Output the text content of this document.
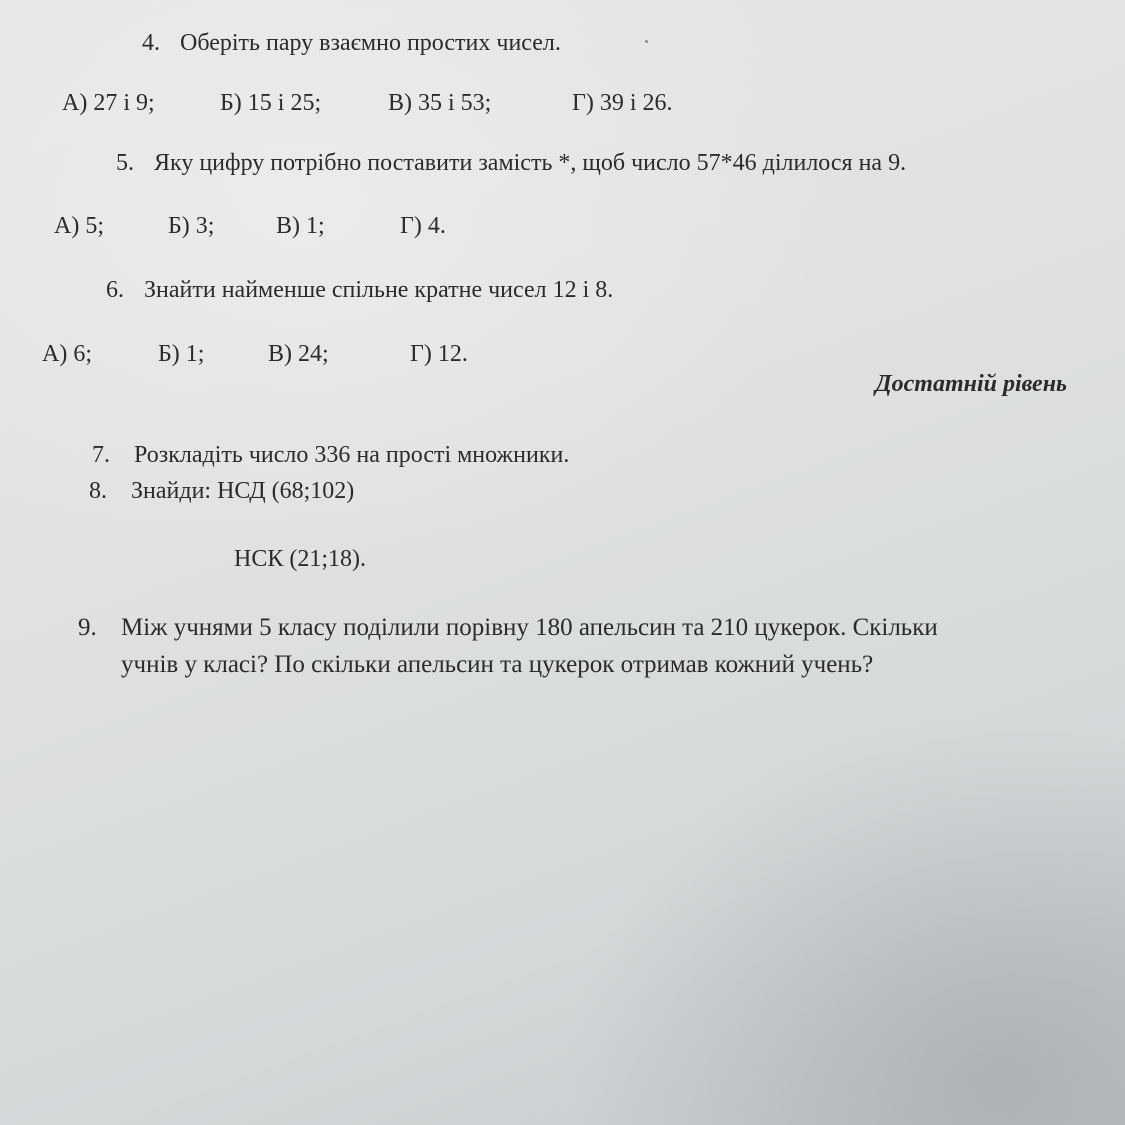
4. Оберіть пару взаємно простих чисел.
А) 27 і 9;	Б) 15 і 25;	В) 35 і 53;	Г) 39 і 26.
5. Яку цифру потрібно поставити замість *, щоб число 57*46 ділилося на 9.
А) 5;	Б) 3;	В) 1;	Г) 4.
6. Знайти найменше спільне кратне чисел 12 і 8.
А) 6;	Б) 1;	В) 24;	Г) 12.
Достатній рівень
7. Розкладіть число 336 на прості множники.
8. Знайди: НСД (68;102)
НСК (21;18).
9. Між учнями 5 класу поділили порівну 180 апельсин та 210 цукерок. Скільки
учнів у класі? По скільки апельсин та цукерок отримав кожний учень?
